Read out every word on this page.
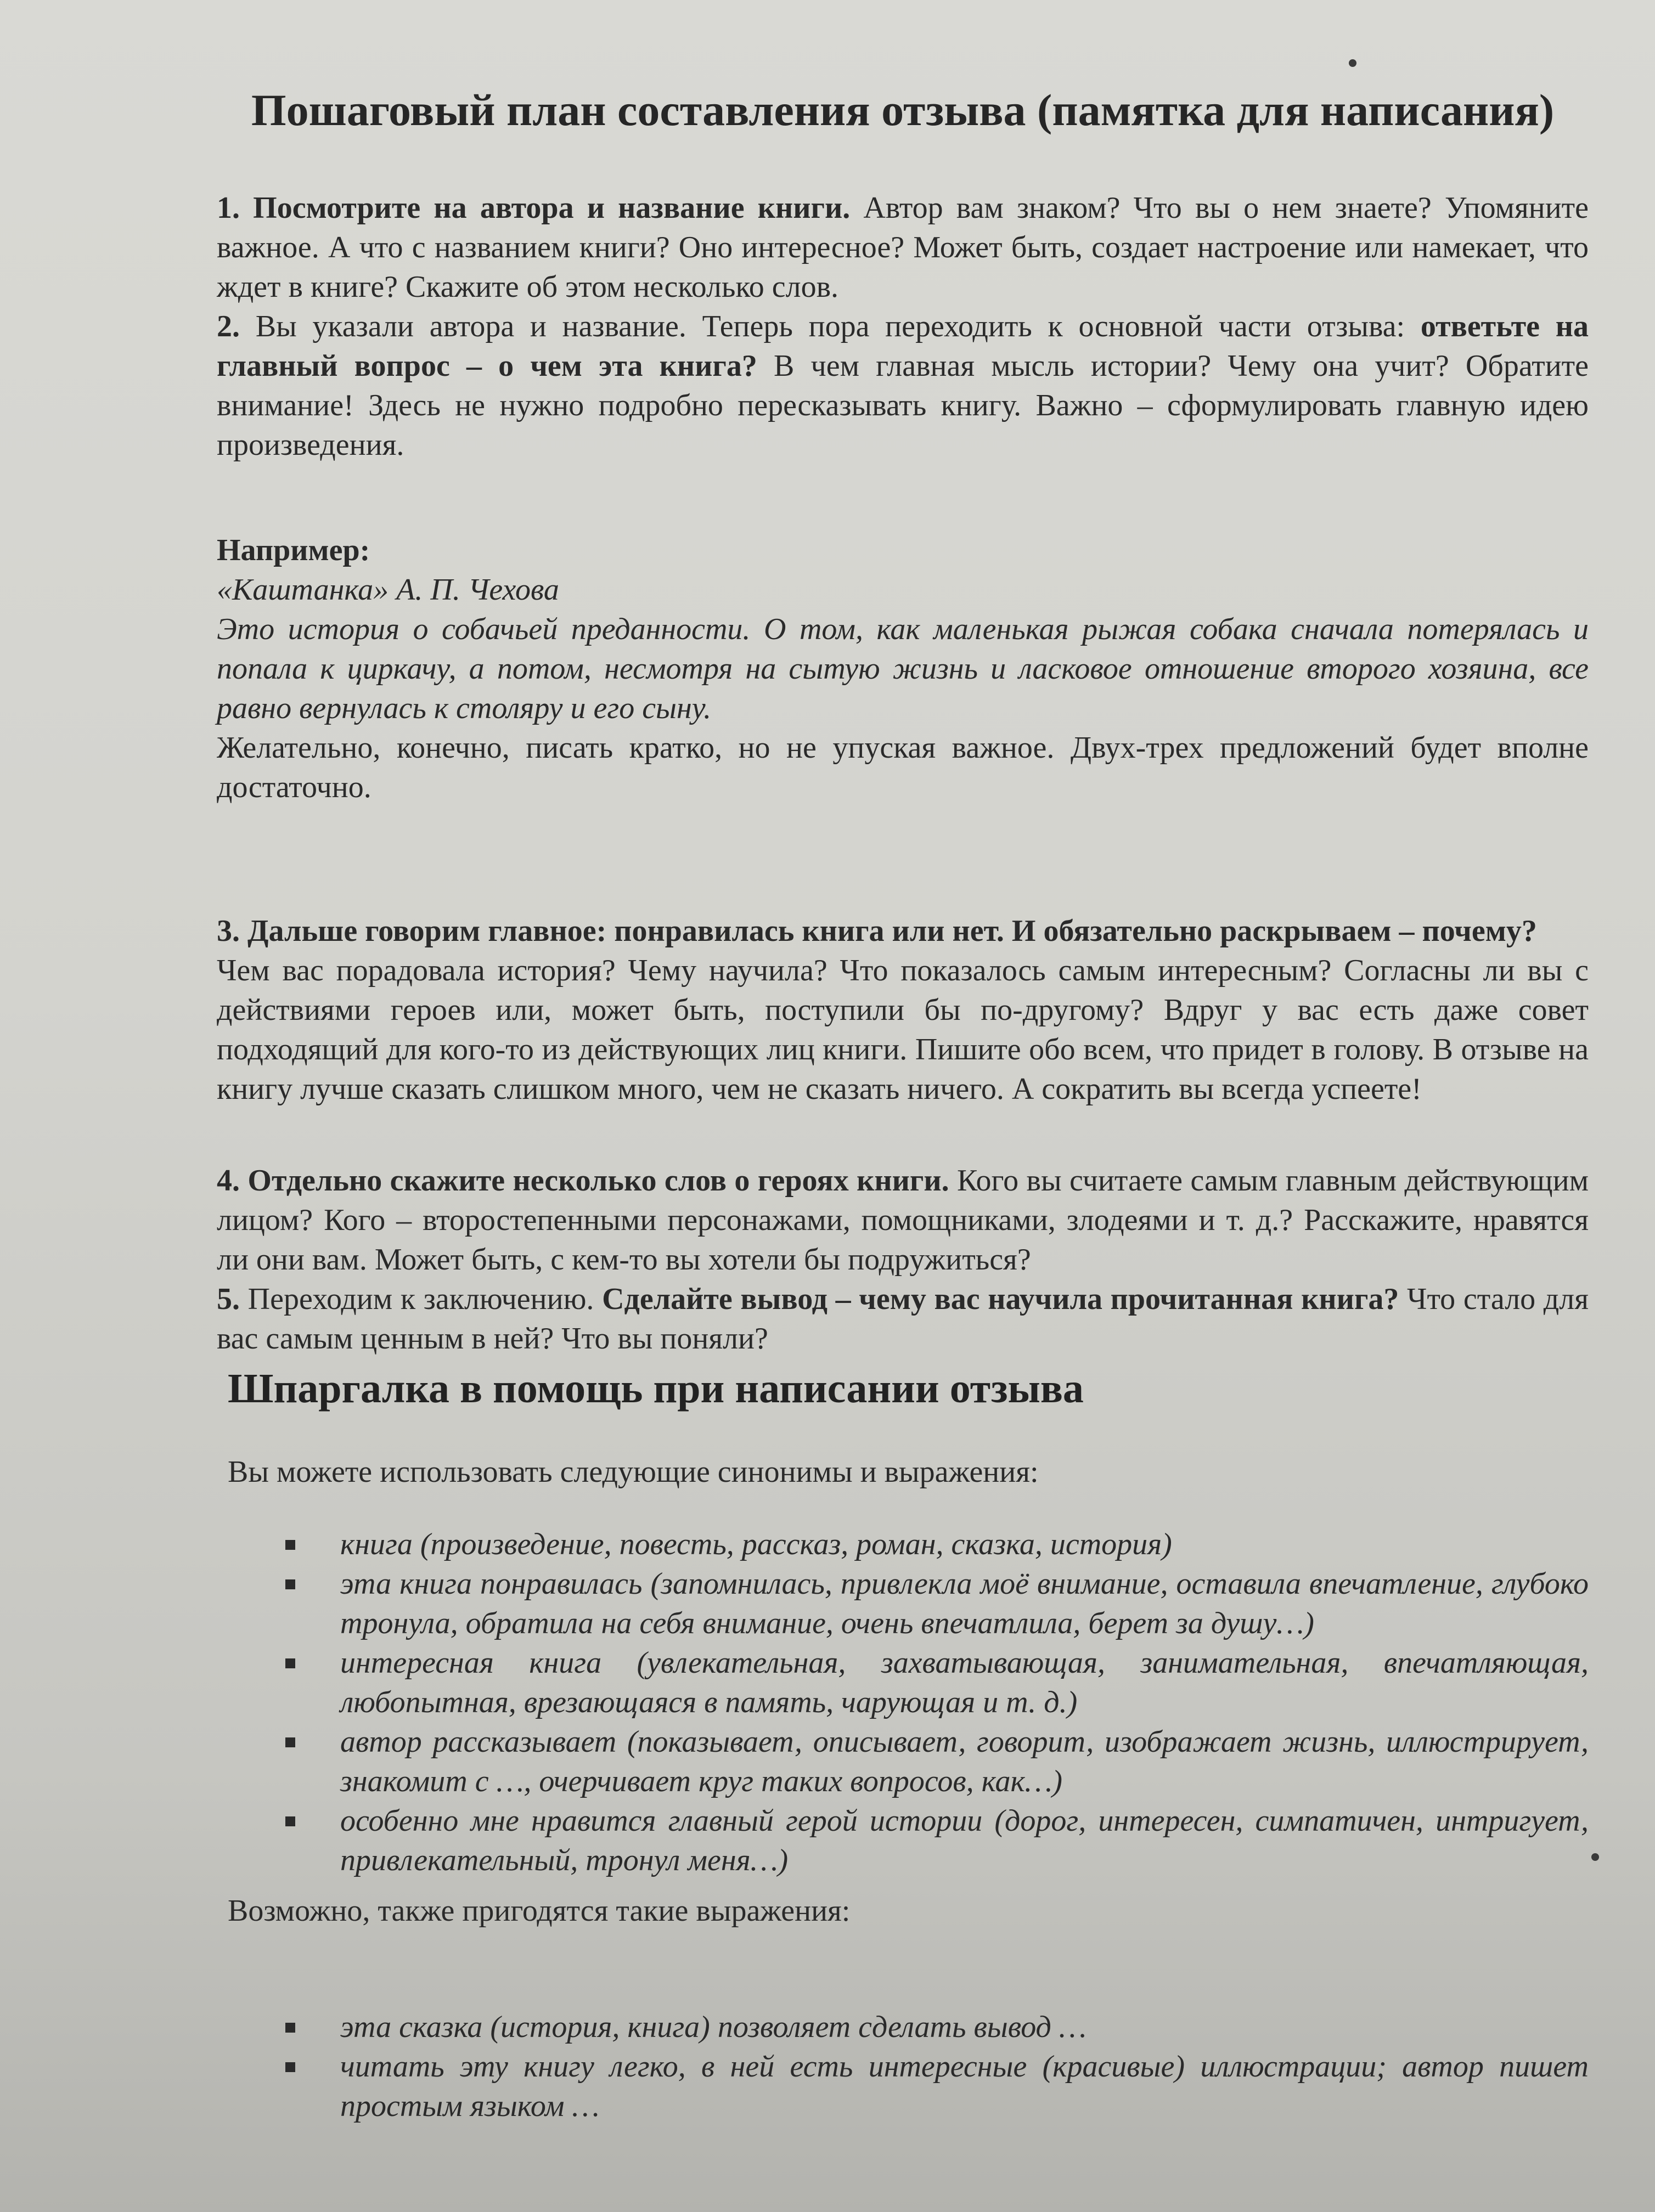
Пошаговый план составления отзыва (памятка для написания)

1. Посмотрите на автора и название книги. Автор вам знаком? Что вы о нем знаете? Упомяните важное. А что с названием книги? Оно интересное? Может быть, создает настроение или намекает, что ждет в книге? Скажите об этом несколько слов.

2. Вы указали автора и название. Теперь пора переходить к основной части отзыва: ответьте на главный вопрос – о чем эта книга? В чем главная мысль истории? Чему она учит? Обратите внимание! Здесь не нужно подробно пересказывать книгу. Важно – сформулировать главную идею произведения.

Например:

«Каштанка» А. П. Чехова

Это история о собачьей преданности. О том, как маленькая рыжая собака сначала потерялась и попала к циркачу, а потом, несмотря на сытую жизнь и ласковое отношение второго хозяина, все равно вернулась к столяру и его сыну.

Желательно, конечно, писать кратко, но не упуская важное. Двух-трех предложений будет вполне достаточно.

3. Дальше говорим главное: понравилась книга или нет. И обязательно раскрываем – почему?

Чем вас порадовала история? Чему научила? Что показалось самым интересным? Согласны ли вы с действиями героев или, может быть, поступили бы по-другому? Вдруг у вас есть даже совет подходящий для кого-то из действующих лиц книги. Пишите обо всем, что придет в голову. В отзыве на книгу лучше сказать слишком много, чем не сказать ничего. А сократить вы всегда успеете!

4. Отдельно скажите несколько слов о героях книги. Кого вы считаете самым главным действующим лицом? Кого – второстепенными персонажами, помощниками, злодеями и т. д.? Расскажите, нравятся ли они вам. Может быть, с кем-то вы хотели бы подружиться?

5. Переходим к заключению. Сделайте вывод – чему вас научила прочитанная книга? Что стало для вас самым ценным в ней? Что вы поняли?

Шпаргалка в помощь при написании отзыва

Вы можете использовать следующие синонимы и выражения:

книга (произведение, повесть, рассказ, роман, сказка, история)
эта книга понравилась (запомнилась, привлекла моё внимание, оставила впечатление, глубоко тронула, обратила на себя внимание, очень впечатлила, берет за душу…)
интересная книга (увлекательная, захватывающая, занимательная, впечатляющая, любопытная, врезающаяся в память, чарующая и т. д.)
автор рассказывает (показывает, описывает, говорит, изображает жизнь, иллюстрирует, знакомит с …, очерчивает круг таких вопросов, как…)
особенно мне нравится главный герой истории (дорог, интересен, симпатичен, интригует, привлекательный, тронул меня…)

Возможно, также пригодятся такие выражения:

эта сказка (история, книга) позволяет сделать вывод …
читать эту книгу легко, в ней есть интересные (красивые) иллюстрации; автор пишет простым языком …
